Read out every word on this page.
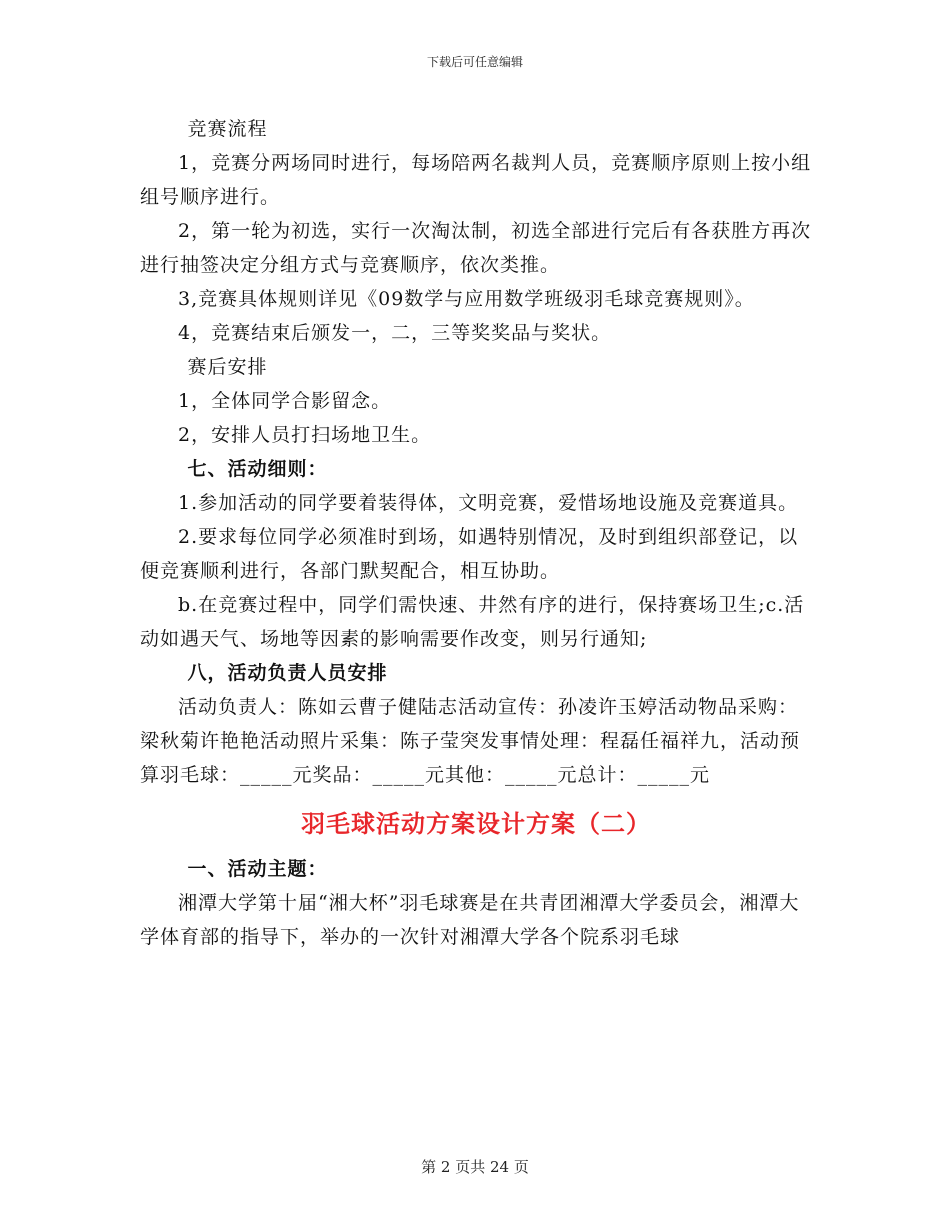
下载后可任意编辑

竞赛流程

1，竞赛分两场同时进行，每场陪两名裁判人员，竞赛顺序原则上按小组组号顺序进行。

2，第一轮为初选，实行一次淘汰制，初选全部进行完后有各获胜方再次进行抽签决定分组方式与竞赛顺序，依次类推。

3,竞赛具体规则详见《09数学与应用数学班级羽毛球竞赛规则》。

4，竞赛结束后颁发一，二，三等奖奖品与奖状。

赛后安排

1，全体同学合影留念。

2，安排人员打扫场地卫生。

七、活动细则：

1.参加活动的同学要着装得体，文明竞赛，爱惜场地设施及竞赛道具。

2.要求每位同学必须准时到场，如遇特别情况，及时到组织部登记，以便竞赛顺利进行，各部门默契配合，相互协助。

b.在竞赛过程中，同学们需快速、井然有序的进行，保持赛场卫生;c.活动如遇天气、场地等因素的影响需要作改变，则另行通知;

八，活动负责人员安排

活动负责人：陈如云曹子健陆志活动宣传：孙凌许玉婷活动物品采购：梁秋菊许艳艳活动照片采集：陈子莹突发事情处理：程磊任福祥九，活动预算羽毛球：_____元奖品：_____元其他：_____元总计：_____元

羽毛球活动方案设计方案（二）

一、活动主题：

湘潭大学第十届“湘大杯”羽毛球赛是在共青团湘潭大学委员会，湘潭大学体育部的指导下，举办的一次针对湘潭大学各个院系羽毛球

第 2 页共 24 页
